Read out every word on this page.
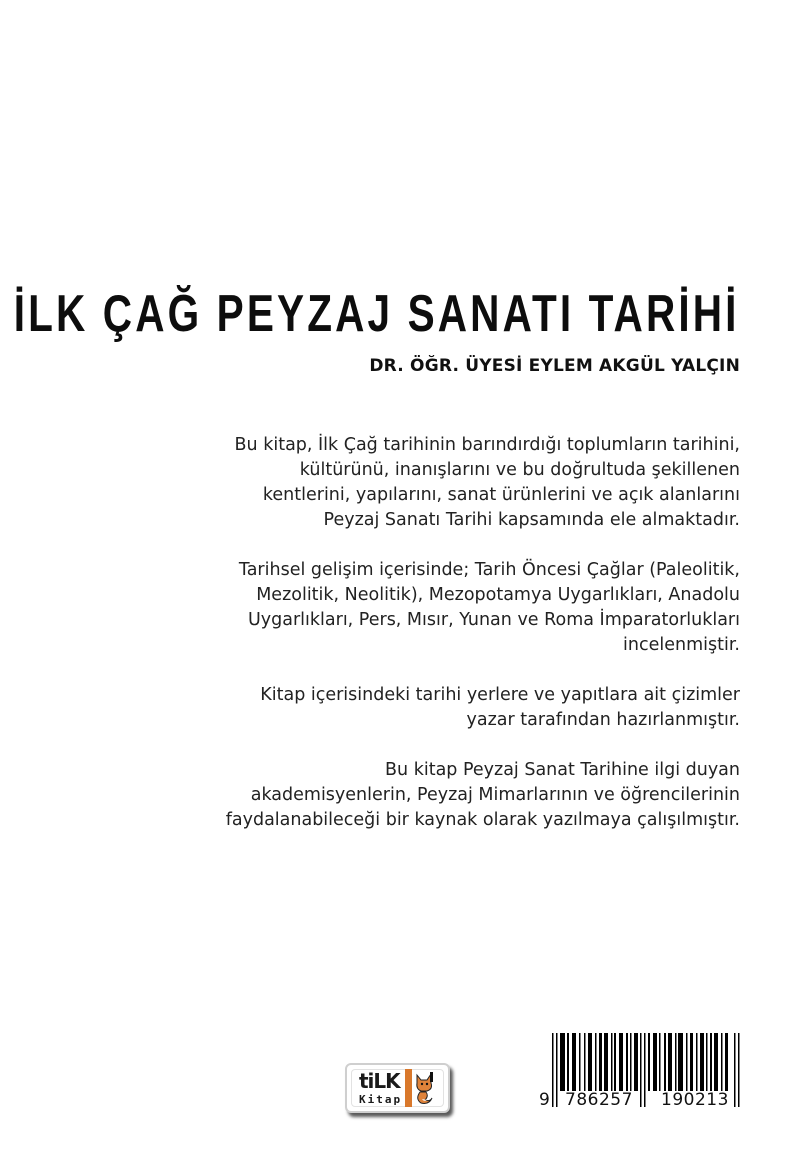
İLK ÇAĞ PEYZAJ SANATI TARİHİ
DR. ÖĞR. ÜYESİ EYLEM AKGÜL YALÇIN
Bu kitap, İlk Çağ tarihinin barındırdığı toplumların tarihini,
kültürünü, inanışlarını ve bu doğrultuda şekillenen
kentlerini, yapılarını, sanat ürünlerini ve açık alanlarını
Peyzaj Sanatı Tarihi kapsamında ele almaktadır.
Tarihsel gelişim içerisinde; Tarih Öncesi Çağlar (Paleolitik,
Mezolitik, Neolitik), Mezopotamya Uygarlıkları, Anadolu
Uygarlıkları, Pers, Mısır, Yunan ve Roma İmparatorlukları
incelenmiştir.
Kitap içerisindeki tarihi yerlere ve yapıtlara ait çizimler
yazar tarafından hazırlanmıştır.
Bu kitap Peyzaj Sanat Tarihine ilgi duyan
akademisyenlerin, Peyzaj Mimarlarının ve öğrencilerinin
faydalanabileceği bir kaynak olarak yazılmaya çalışılmıştır.
tiLK
Kitap	9 786257 190213
